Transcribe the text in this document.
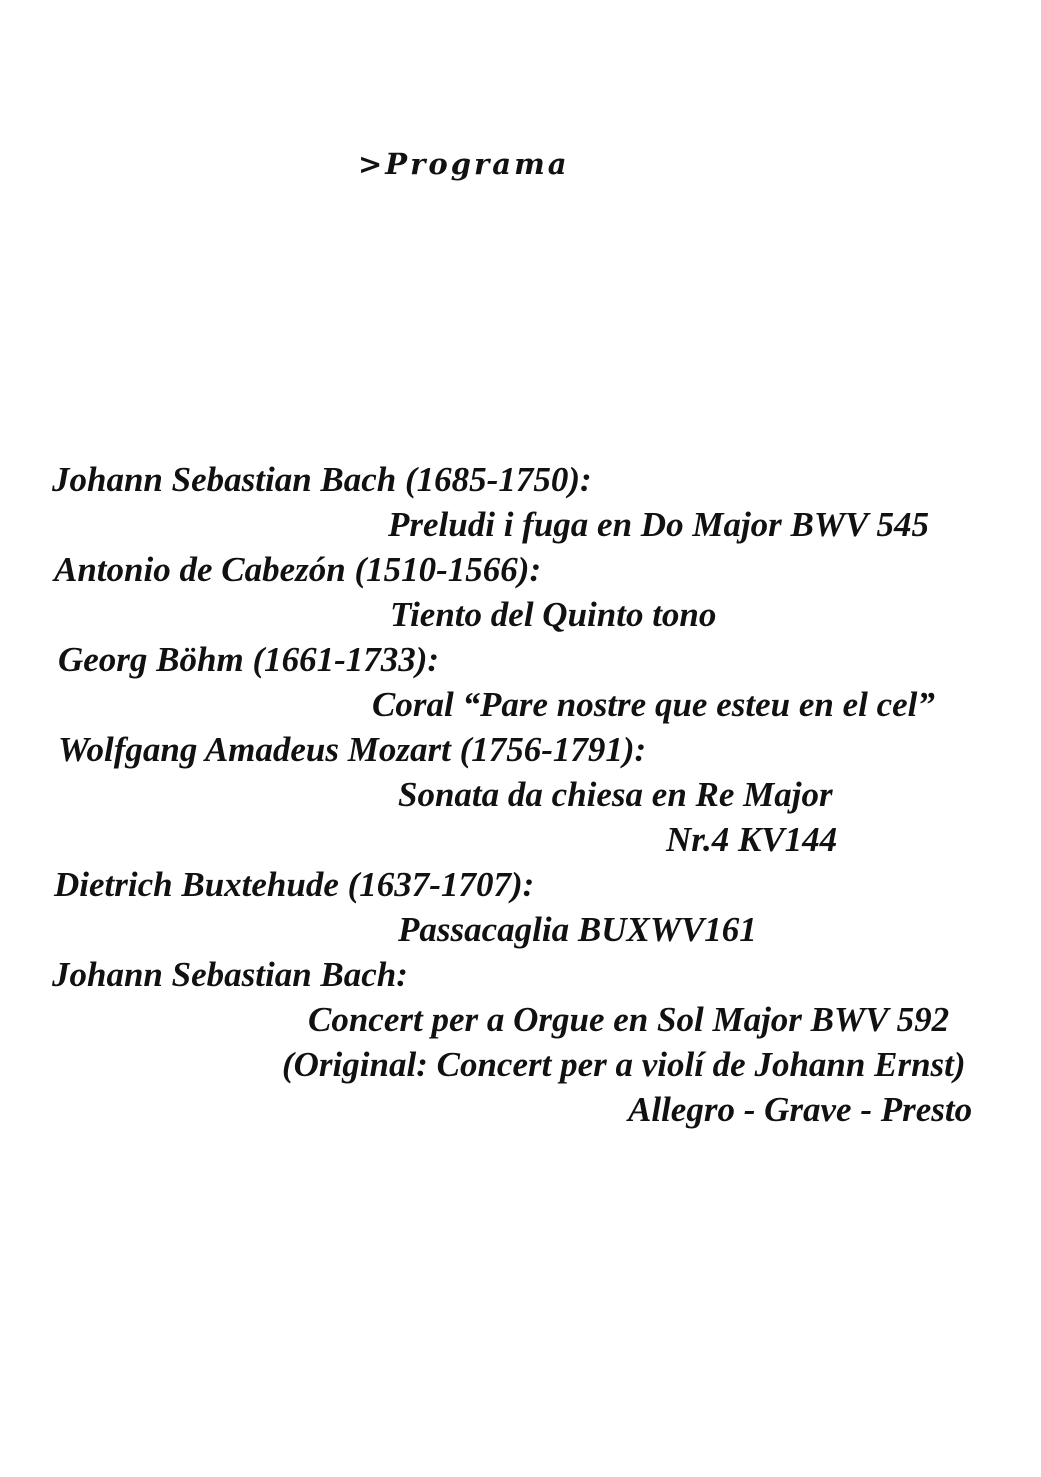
>Programa
Johann Sebastian Bach (1685-1750):
Preludi i fuga en Do Major BWV 545
Antonio de Cabezón (1510-1566):
Tiento del Quinto tono
Georg Böhm (1661-1733):
Coral “Pare nostre que esteu en el cel”
Wolfgang Amadeus Mozart (1756-1791):
Sonata da chiesa en Re Major
Nr.4 KV144
Dietrich Buxtehude (1637-1707):
Passacaglia BUXWV161
Johann Sebastian Bach:
Concert per a Orgue en Sol Major BWV 592
(Original: Concert per a violí de Johann Ernst)
Allegro - Grave - Presto
